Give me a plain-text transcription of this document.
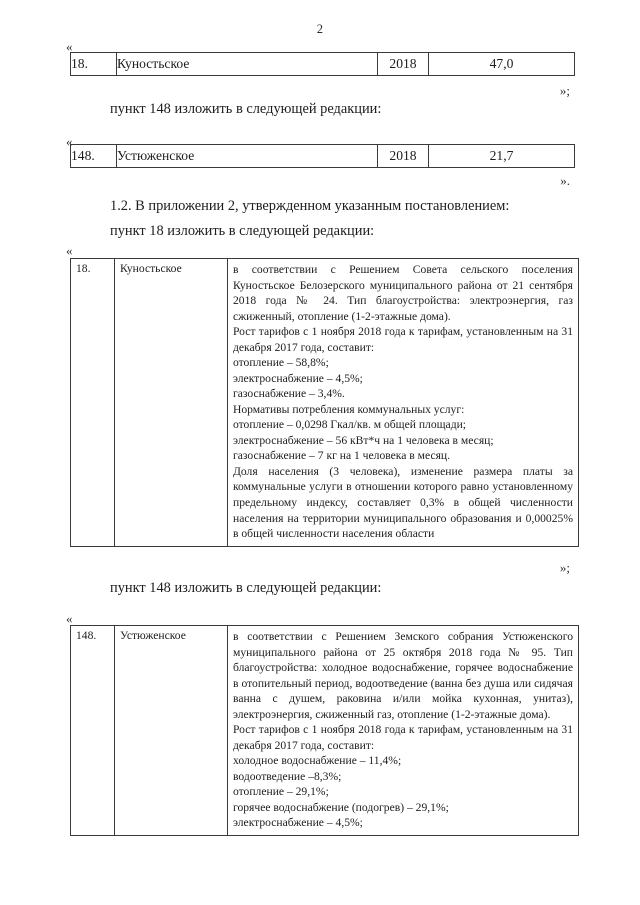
2
«
18.	Куностьское	2018	47,0
»;
пункт 148 изложить в следующей редакции:
«
148.	Устюженское	2018	21,7
».
1.2. В приложении 2, утвержденном указанным постановлением:
пункт 18 изложить в следующей редакции:
«
18.	Куностьское	в соответствии с Решением Совета сельского поселения Куностьское Белозерского муниципального района от 21 сентября 2018 года № 24. Тип благоустройства: электроэнергия, газ сжиженный, отопление (1-2-этажные дома).

Рост тарифов с 1 ноября 2018 года к тарифам, установленным на 31 декабря 2017 года, составит:

отопление – 58,8%;

электроснабжение – 4,5%;

газоснабжение – 3,4%.

Нормативы потребления коммунальных услуг:

отопление – 0,0298 Гкал/кв. м общей площади;

электроснабжение – 56 кВт*ч на 1 человека в месяц;

газоснабжение – 7 кг на 1 человека в месяц.

Доля населения (3 человека), изменение размера платы за коммунальные услуги в отношении которого равно установленному предельному индексу, составляет 0,3% в общей численности населения на территории муниципального образования и 0,00025% в общей численности населения области

»;
пункт 148 изложить в следующей редакции:
«
148.	Устюженское	в соответствии с Решением Земского собрания Устюженского муниципального района от 25 октября 2018 года № 95. Тип благоустройства: холодное водоснабжение, горячее водоснабжение в отопительный период, водоотведение (ванна без душа или сидячая ванна с душем, раковина и/или мойка кухонная, унитаз), электроэнергия, сжиженный газ, отопление (1-2-этажные дома).

Рост тарифов с 1 ноября 2018 года к тарифам, установленным на 31 декабря 2017 года, составит:

холодное водоснабжение – 11,4%;

водоотведение –8,3%;

отопление – 29,1%;

горячее водоснабжение (подогрев) – 29,1%;

электроснабжение – 4,5%;
